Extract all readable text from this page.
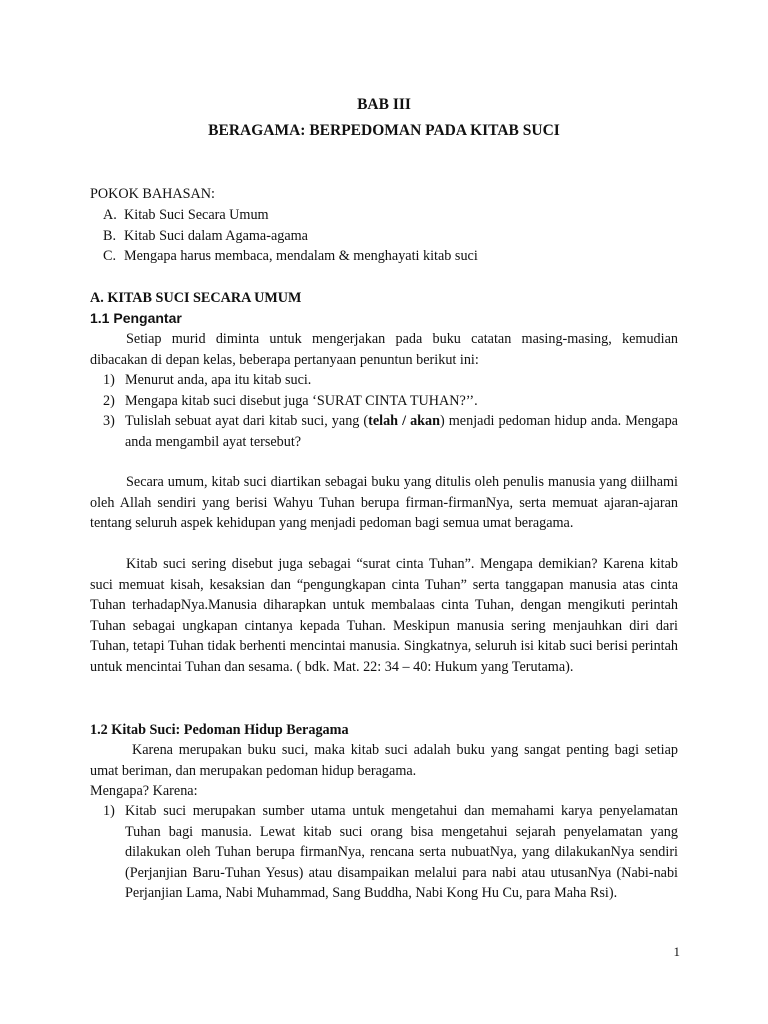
BAB III
BERAGAMA: BERPEDOMAN PADA KITAB SUCI
POKOK BAHASAN:
A. Kitab Suci Secara Umum
B. Kitab Suci dalam Agama-agama
C. Mengapa harus membaca, mendalam & menghayati kitab suci
A. KITAB SUCI SECARA UMUM
1.1 Pengantar

Setiap murid diminta untuk mengerjakan pada buku catatan masing-masing, kemudian dibacakan di depan kelas, beberapa pertanyaan penuntun berikut ini:

1) Menurut anda, apa itu kitab suci.
2) Mengapa kitab suci disebut juga ‘SURAT CINTA TUHAN?’’.
3) Tulislah sebuat ayat dari kitab suci, yang (telah / akan) menjadi pedoman hidup anda. Mengapa anda mengambil ayat tersebut?

Secara umum, kitab suci diartikan sebagai buku yang ditulis oleh penulis manusia yang diilhami oleh Allah sendiri yang berisi Wahyu Tuhan berupa firman-firmanNya, serta memuat ajaran-ajaran tentang seluruh aspek kehidupan yang menjadi pedoman bagi semua umat beragama.

Kitab suci sering disebut juga sebagai “surat cinta Tuhan”. Mengapa demikian? Karena kitab suci memuat kisah, kesaksian dan “pengungkapan cinta Tuhan” serta tanggapan manusia atas cinta Tuhan terhadapNya.Manusia diharapkan untuk membalaas cinta Tuhan, dengan mengikuti perintah Tuhan sebagai ungkapan cintanya kepada Tuhan. Meskipun manusia sering menjauhkan diri dari Tuhan, tetapi Tuhan tidak berhenti mencintai manusia. Singkatnya, seluruh isi kitab suci berisi perintah untuk mencintai Tuhan dan sesama. ( bdk. Mat. 22: 34 – 40: Hukum yang Terutama).

1.2 Kitab Suci: Pedoman Hidup Beragama

Karena merupakan buku suci, maka kitab suci adalah buku yang sangat penting bagi setiap umat beriman, dan merupakan pedoman hidup beragama.

Mengapa? Karena:
1) Kitab suci merupakan sumber utama untuk mengetahui dan memahami karya penyelamatan Tuhan bagi manusia. Lewat kitab suci orang bisa mengetahui sejarah penyelamatan yang dilakukan oleh Tuhan berupa firmanNya, rencana serta nubuatNya, yang dilakukanNya sendiri (Perjanjian Baru-Tuhan Yesus) atau disampaikan melalui para nabi atau utusanNya (Nabi-nabi Perjanjian Lama, Nabi Muhammad, Sang Buddha, Nabi Kong Hu Cu, para Maha Rsi).
1
